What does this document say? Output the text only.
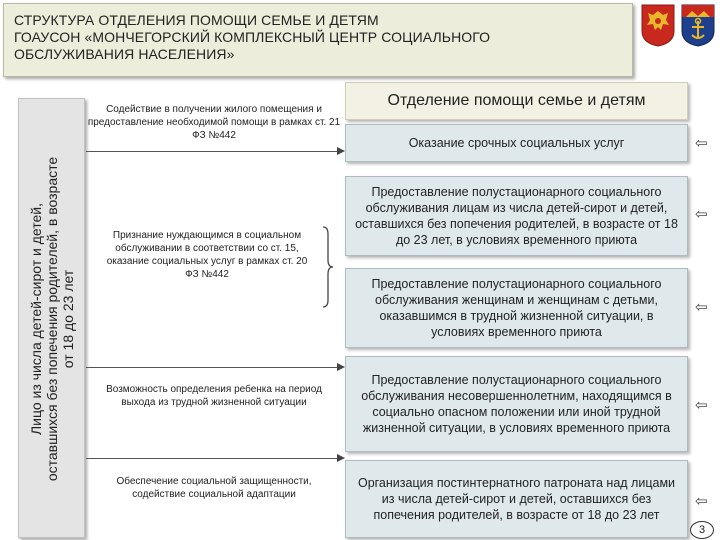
СТРУКТУРА ОТДЕЛЕНИЯ ПОМОЩИ СЕМЬЕ И ДЕТЯМ
ГОАУСОН «МОНЧЕГОРСКИЙ КОМПЛЕКСНЫЙ ЦЕНТР СОЦИАЛЬНОГО
ОБСЛУЖИВАНИЯ НАСЕЛЕНИЯ»
Лицо из числа детей-сирот и детей, оставшихся без попечения родителей, в возрасте от 18 до 23 лет
Содействие в получении жилого помещения и предоставление необходимой помощи в рамках ст. 21 ФЗ №442
Признание нуждающимся в социальном обслуживании в соответствии со ст. 15, оказание социальных услуг в рамках ст. 20 ФЗ №442
Возможность определения ребенка на период выхода из трудной жизненной ситуации
Обеспечение социальной защищенности, содействие социальной адаптации
Отделение помощи семье и детям
Оказание срочных социальных услуг
Предоставление полустационарного социального обслуживания лицам из числа детей-сирот и детей, оставшихся без попечения родителей, в возрасте от 18 до 23 лет, в условиях временного приюта
Предоставление полустационарного социального обслуживания женщинам и женщинам с детьми, оказавшимся в трудной жизненной ситуации, в условиях временного приюта
Предоставление полустационарного социального обслуживания несовершеннолетним, находящимся в социально опасном положении или иной трудной жизненной ситуации, в условиях временного приюта
Организация постинтернатного патроната над лицами из числа детей-сирот и детей, оставшихся без попечения родителей, в возрасте от 18 до 23 лет
⇦
⇦
⇦
⇦
⇦
3
